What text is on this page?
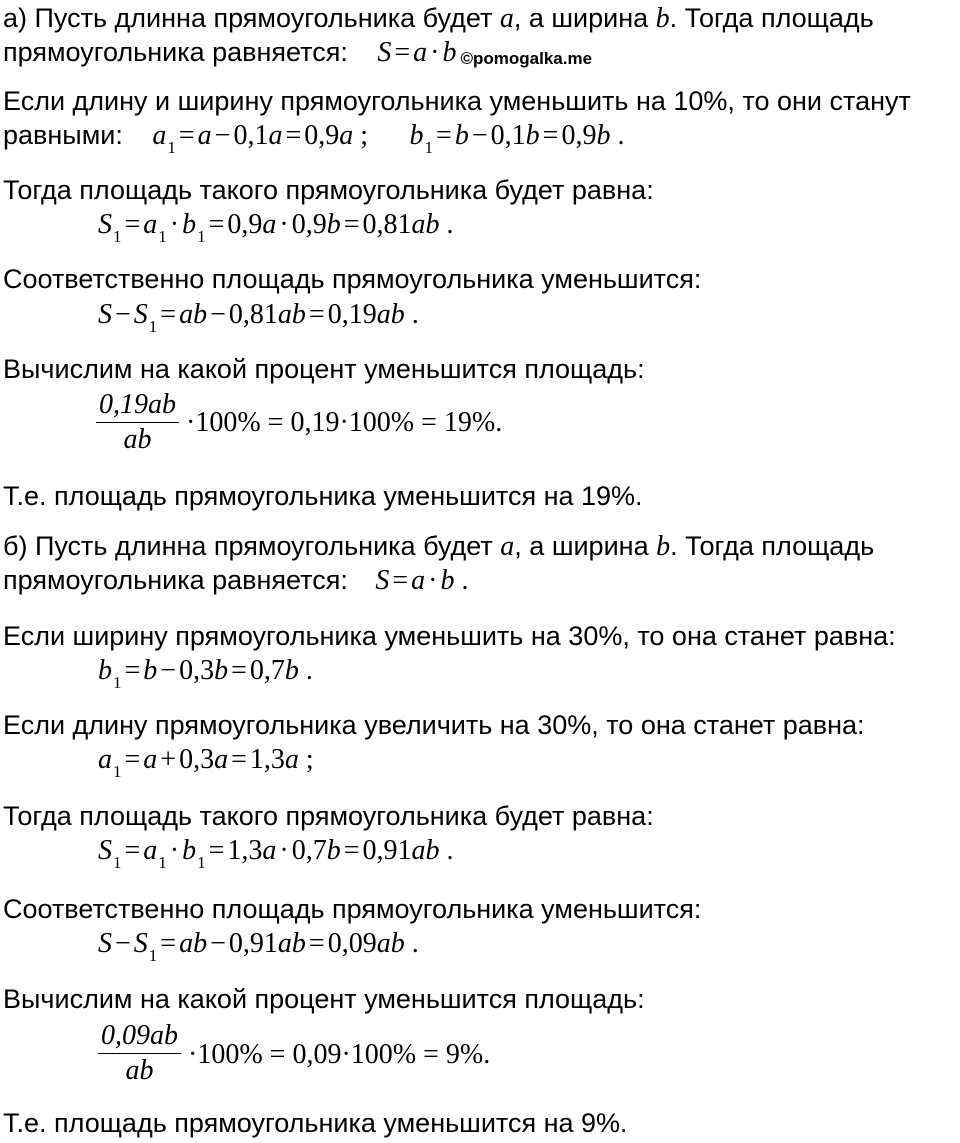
а) Пусть длинна прямоугольника будет a, а ширина b. Тогда площадь
прямоугольника равняется: S = a · b ©pomogalka.me
Если длину и ширину прямоугольника уменьшить на 10%, то они станут
равными: $a_1 = a - 0,1a = 0,9a$ ; $b_1 = b - 0,1b = 0,9b$ .
Тогда площадь такого прямоугольника будет равна:
$S_1 = a_1 \cdot b_1 = 0,9a \cdot 0,9b = 0,81ab$ .
Соответственно площадь прямоугольника уменьшится:
$S - S_1$ = ab − 0,81ab = 0,19ab .
Вычислим на какой процент уменьшится площадь:
$\frac{0,19ab}{ab} \cdot 100\% = 0,19\cdot 100\% = 19\%$.
Т.е. площадь прямоугольника уменьшится на 19%.
б) Пусть длинна прямоугольника будет a, а ширина b. Тогда площадь
прямоугольника равняется: S = a · b .
Если ширину прямоугольника уменьшить на 30%, то она станет равна:
$b_1 = b - 0,3b = 0,7b$ .
Если длину прямоугольника увеличить на 30%, то она станет равна:
$a_1 = a + 0,3a = 1,3a$ ;
Тогда площадь такого прямоугольника будет равна:
$S_1 = a_1 \cdot b_1 = 1,3a \cdot 0,7b = 0,91ab$ .
Соответственно площадь прямоугольника уменьшится:
$S - S_1$ = ab − 0,91ab = 0,09ab .
Вычислим на какой процент уменьшится площадь:
$\frac{0,09ab}{ab} \cdot 100\% = 0,09\cdot 100\% = 9\%$.
Т.е. площадь прямоугольника уменьшится на 9%.
